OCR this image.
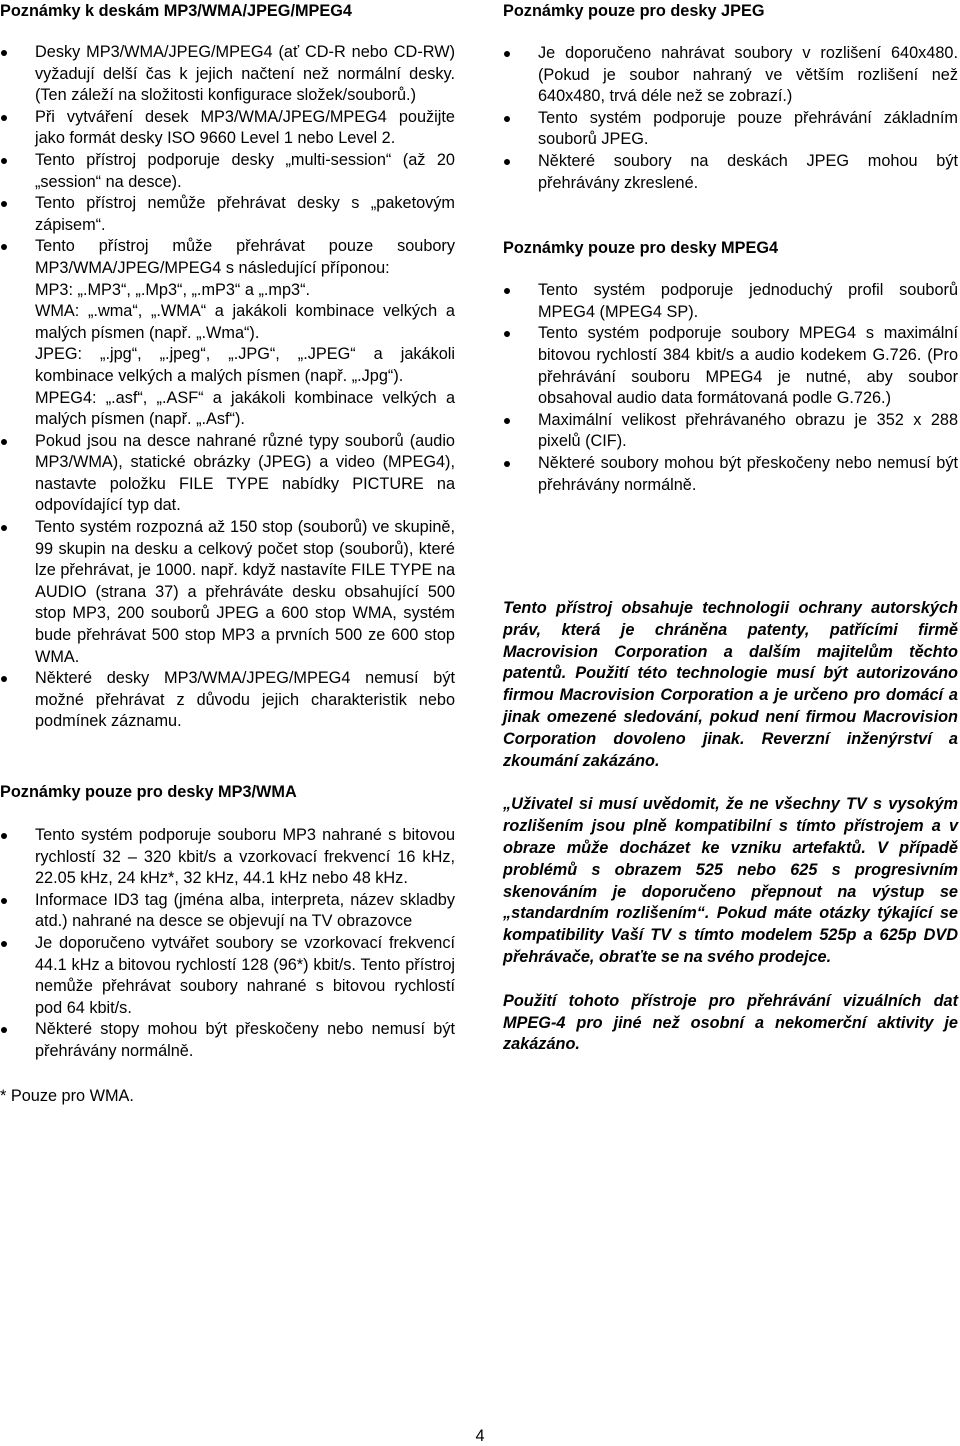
Poznámky k deskám MP3/WMA/JPEG/MPEG4
Desky MP3/WMA/JPEG/MPEG4 (ať CD-R nebo CD-RW) vyžadují delší čas k jejich načtení než normální desky. (Ten záleží na složitosti konfigurace složek/souborů.)
Při vytváření desek MP3/WMA/JPEG/MPEG4 použijte jako formát desky ISO 9660 Level 1 nebo Level 2.
Tento přístroj podporuje desky „multi-session“ (až 20 „session“ na desce).
Tento přístroj nemůže přehrávat desky s „paketovým zápisem“.
Tento přístroj může přehrávat pouze soubory MP3/WMA/JPEG/MPEG4 s následující příponou:
MP3: „.MP3“, „.Mp3“, „.mP3“ a „.mp3“.
WMA: „.wma“, „.WMA“ a jakákoli kombinace velkých a malých písmen (např. „.Wma“).
JPEG: „.jpg“, „.jpeg“, „.JPG“, „.JPEG“ a jakákoli kombinace velkých a malých písmen (např. „.Jpg“).
MPEG4: „.asf“, „.ASF“ a jakákoli kombinace velkých a malých písmen (např. „.Asf“).
Pokud jsou na desce nahrané různé typy souborů (audio MP3/WMA), statické obrázky (JPEG) a video (MPEG4), nastavte položku FILE TYPE nabídky PICTURE na odpovídající typ dat.
Tento systém rozpozná až 150 stop (souborů) ve skupině, 99 skupin na desku a celkový počet stop (souborů), které lze přehrávat, je 1000. např. když nastavíte FILE TYPE na AUDIO (strana 37) a přehráváte desku obsahující 500 stop MP3, 200 souborů JPEG a 600 stop WMA, systém bude přehrávat 500 stop MP3 a prvních 500 ze 600 stop WMA.
Některé desky MP3/WMA/JPEG/MPEG4 nemusí být možné přehrávat z důvodu jejich charakteristik nebo podmínek záznamu.
Poznámky pouze pro desky MP3/WMA
Tento systém podporuje souboru MP3 nahrané s bitovou rychlostí 32 – 320 kbit/s a vzorkovací frekvencí 16 kHz, 22.05 kHz, 24 kHz*, 32 kHz, 44.1 kHz nebo 48 kHz.
Informace ID3 tag (jména alba, interpreta, název skladby atd.) nahrané na desce se objevují na TV obrazovce
Je doporučeno vytvářet soubory se vzorkovací frekvencí 44.1 kHz a bitovou rychlostí 128 (96*) kbit/s. Tento přístroj nemůže přehrávat soubory nahrané s bitovou rychlostí pod 64 kbit/s.
Některé stopy mohou být přeskočeny nebo nemusí být přehrávány normálně.

* Pouze pro WMA.

Poznámky pouze pro desky JPEG
Je doporučeno nahrávat soubory v rozlišení 640x480. (Pokud je soubor nahraný ve větším rozlišení než 640x480, trvá déle než se zobrazí.)
Tento systém podporuje pouze přehrávání základním souborů JPEG.
Některé soubory na deskách JPEG mohou být přehrávány zkreslené.
Poznámky pouze pro desky MPEG4
Tento systém podporuje jednoduchý profil souborů MPEG4 (MPEG4 SP).
Tento systém podporuje soubory MPEG4 s maximální bitovou rychlostí 384 kbit/s a audio kodekem G.726. (Pro přehrávání souboru MPEG4 je nutné, aby soubor obsahoval audio data formátovaná podle G.726.)
Maximální velikost přehrávaného obrazu je 352 x 288 pixelů (CIF).
Některé soubory mohou být přeskočeny nebo nemusí být přehrávány normálně.

Tento přístroj obsahuje technologii ochrany autorských práv, která je chráněna patenty, patřícími firmě Macrovision Corporation a dalším majitelům těchto patentů. Použití této technologie musí být autorizováno firmou Macrovision Corporation a je určeno pro domácí a jinak omezené sledování, pokud není firmou Macrovision Corporation dovoleno jinak. Reverzní inženýrství a zkoumání zakázáno.

„Uživatel si musí uvědomit, že ne všechny TV s vysokým rozlišením jsou plně kompatibilní s tímto přístrojem a v obraze může docházet ke vzniku artefaktů. V případě problémů s obrazem 525 nebo 625 s progresivním skenováním je doporučeno přepnout na výstup se „standardním rozlišením“. Pokud máte otázky týkající se kompatibility Vaší TV s tímto modelem 525p a 625p DVD přehrávače, obraťte se na svého prodejce.

Použití tohoto přístroje pro přehrávání vizuálních dat MPEG-4 pro jiné než osobní a nekomerční aktivity je zakázáno.

4
